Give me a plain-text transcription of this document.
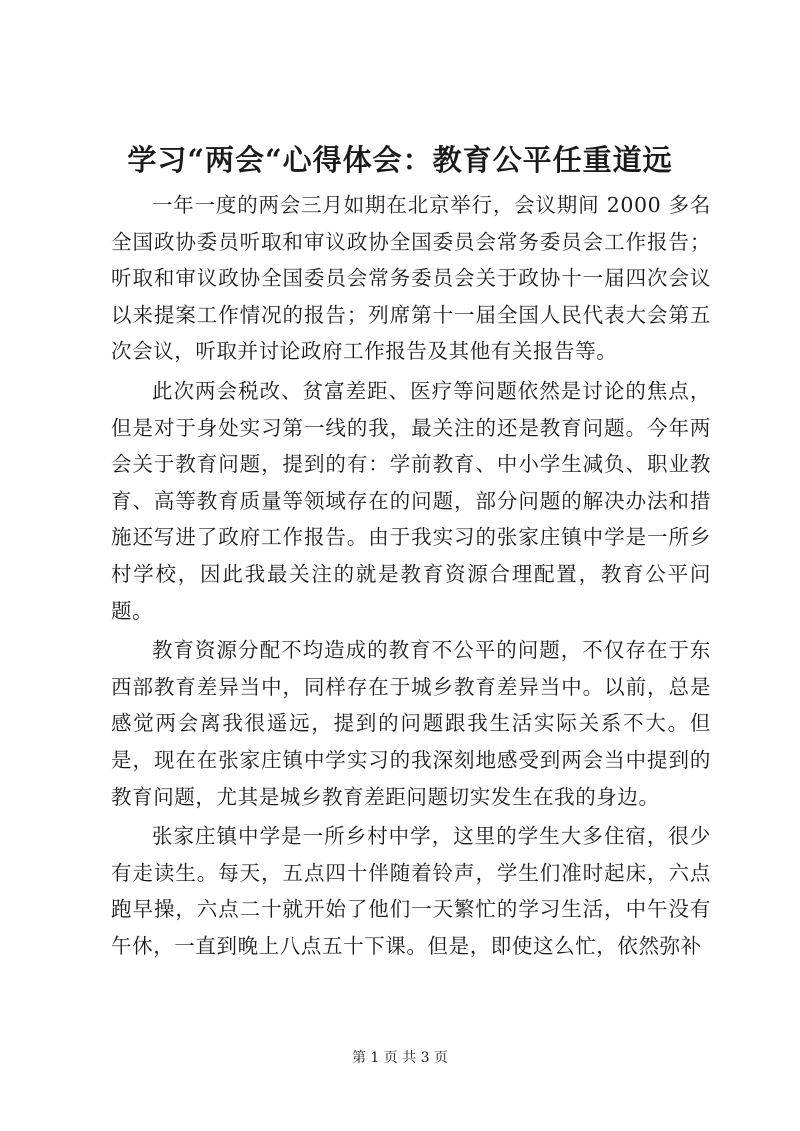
学习“两会“心得体会：教育公平任重道远

一年一度的两会三月如期在北京举行，会议期间 2000 多名全国政协委员听取和审议政协全国委员会常务委员会工作报告；听取和审议政协全国委员会常务委员会关于政协十一届四次会议以来提案工作情况的报告；列席第十一届全国人民代表大会第五次会议，听取并讨论政府工作报告及其他有关报告等。

此次两会税改、贫富差距、医疗等问题依然是讨论的焦点，但是对于身处实习第一线的我，最关注的还是教育问题。今年两会关于教育问题，提到的有：学前教育、中小学生减负、职业教育、高等教育质量等领域存在的问题，部分问题的解决办法和措施还写进了政府工作报告。由于我实习的张家庄镇中学是一所乡村学校，因此我最关注的就是教育资源合理配置，教育公平问题。

教育资源分配不均造成的教育不公平的问题，不仅存在于东西部教育差异当中，同样存在于城乡教育差异当中。以前，总是感觉两会离我很遥远，提到的问题跟我生活实际关系不大。但是，现在在张家庄镇中学实习的我深刻地感受到两会当中提到的教育问题，尤其是城乡教育差距问题切实发生在我的身边。

张家庄镇中学是一所乡村中学，这里的学生大多住宿，很少有走读生。每天，五点四十伴随着铃声，学生们准时起床，六点跑早操，六点二十就开始了他们一天繁忙的学习生活，中午没有午休，一直到晚上八点五十下课。但是，即使这么忙，依然弥补

第 1 页 共 3 页
